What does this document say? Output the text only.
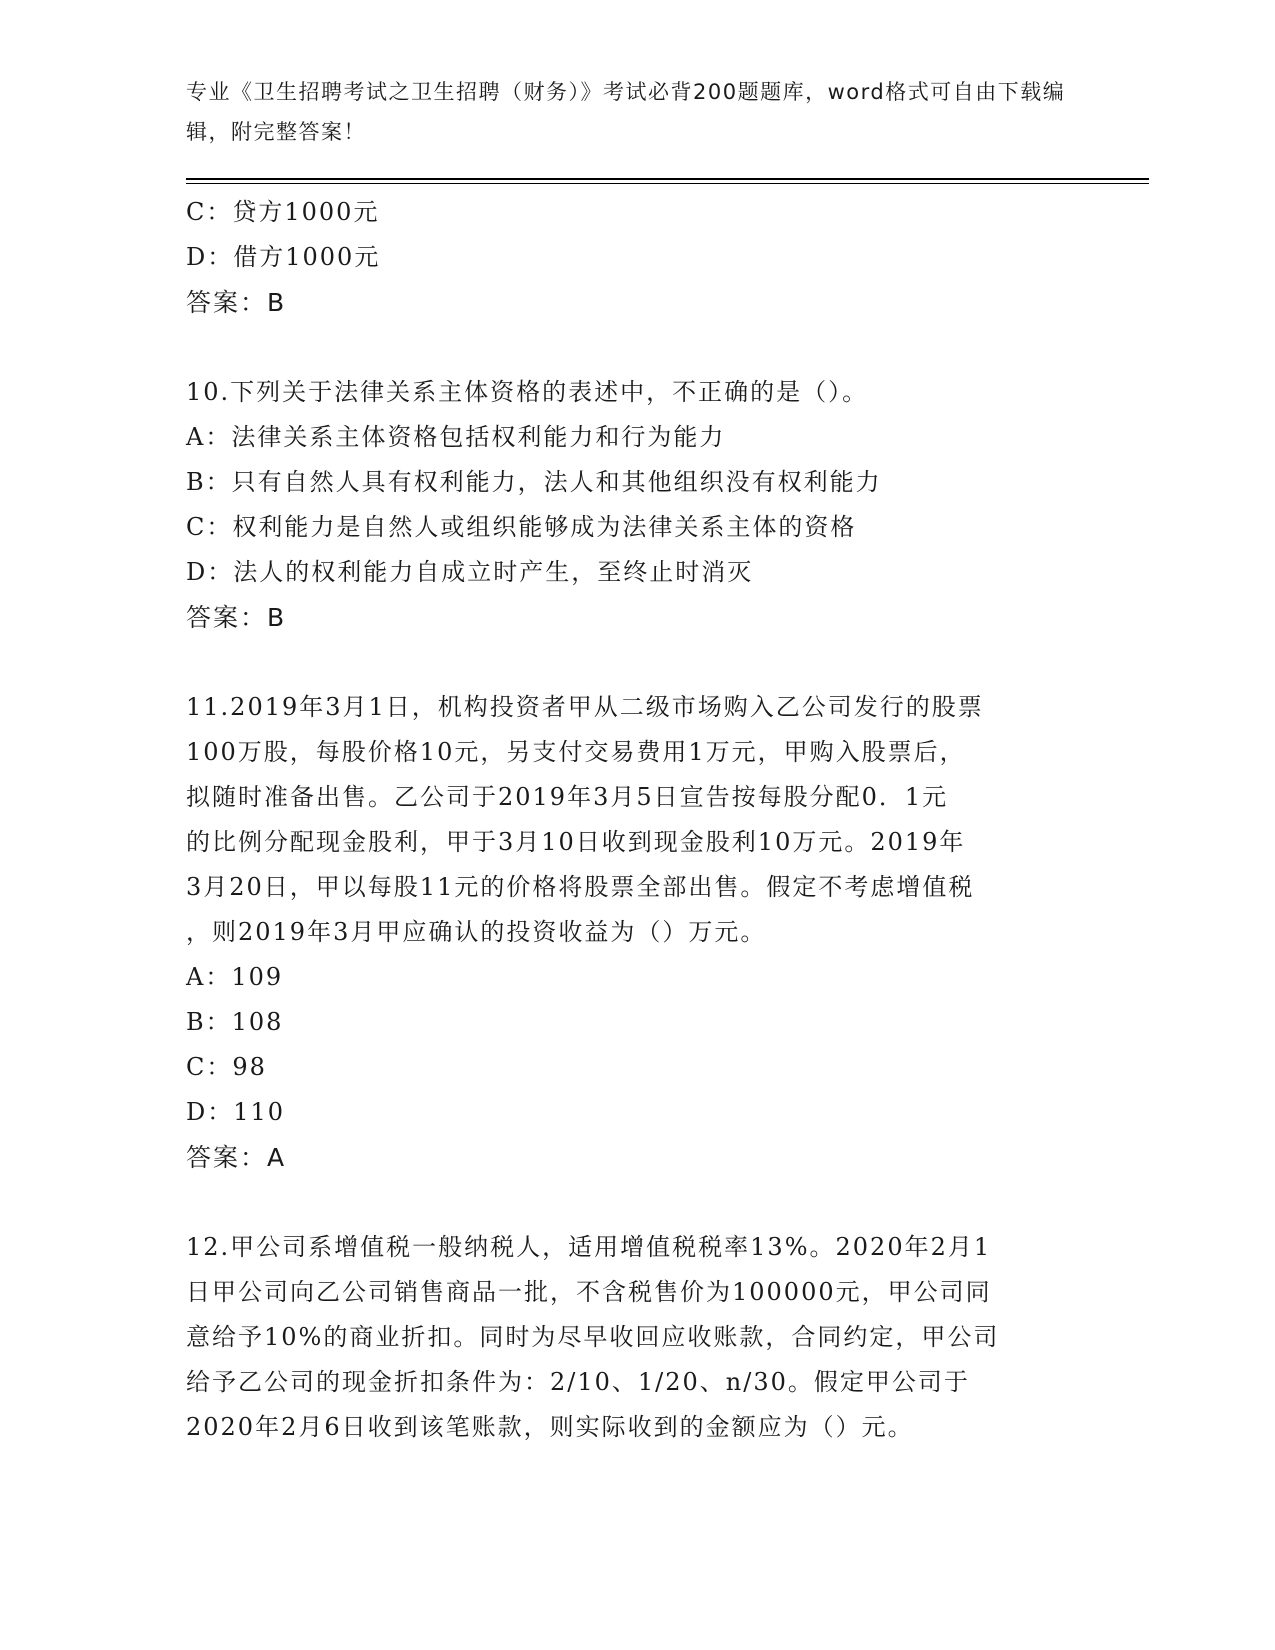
专业《卫生招聘考试之卫生招聘（财务）》考试必背200题题库，word格式可自由下载编辑，附完整答案！
C：贷方1000元
D：借方1000元
答案：B
10.下列关于法律关系主体资格的表述中，不正确的是（）。
A：法律关系主体资格包括权利能力和行为能力
B：只有自然人具有权利能力，法人和其他组织没有权利能力
C：权利能力是自然人或组织能够成为法律关系主体的资格
D：法人的权利能力自成立时产生，至终止时消灭
答案：B
11.2019年3月1日，机构投资者甲从二级市场购入乙公司发行的股票
100万股，每股价格10元，另支付交易费用1万元，甲购入股票后，
拟随时准备出售。乙公司于2019年3月5日宣告按每股分配0．1元
的比例分配现金股利，甲于3月10日收到现金股利10万元。2019年
3月20日，甲以每股11元的价格将股票全部出售。假定不考虑增值税
，则2019年3月甲应确认的投资收益为（）万元。
A：109
B：108
C：98
D：110
答案：A
12.甲公司系增值税一般纳税人，适用增值税税率13%。2020年2月1
日甲公司向乙公司销售商品一批，不含税售价为100000元，甲公司同
意给予10%的商业折扣。同时为尽早收回应收账款，合同约定，甲公司
给予乙公司的现金折扣条件为：2/10、1/20、n/30。假定甲公司于
2020年2月6日收到该笔账款，则实际收到的金额应为（）元。
